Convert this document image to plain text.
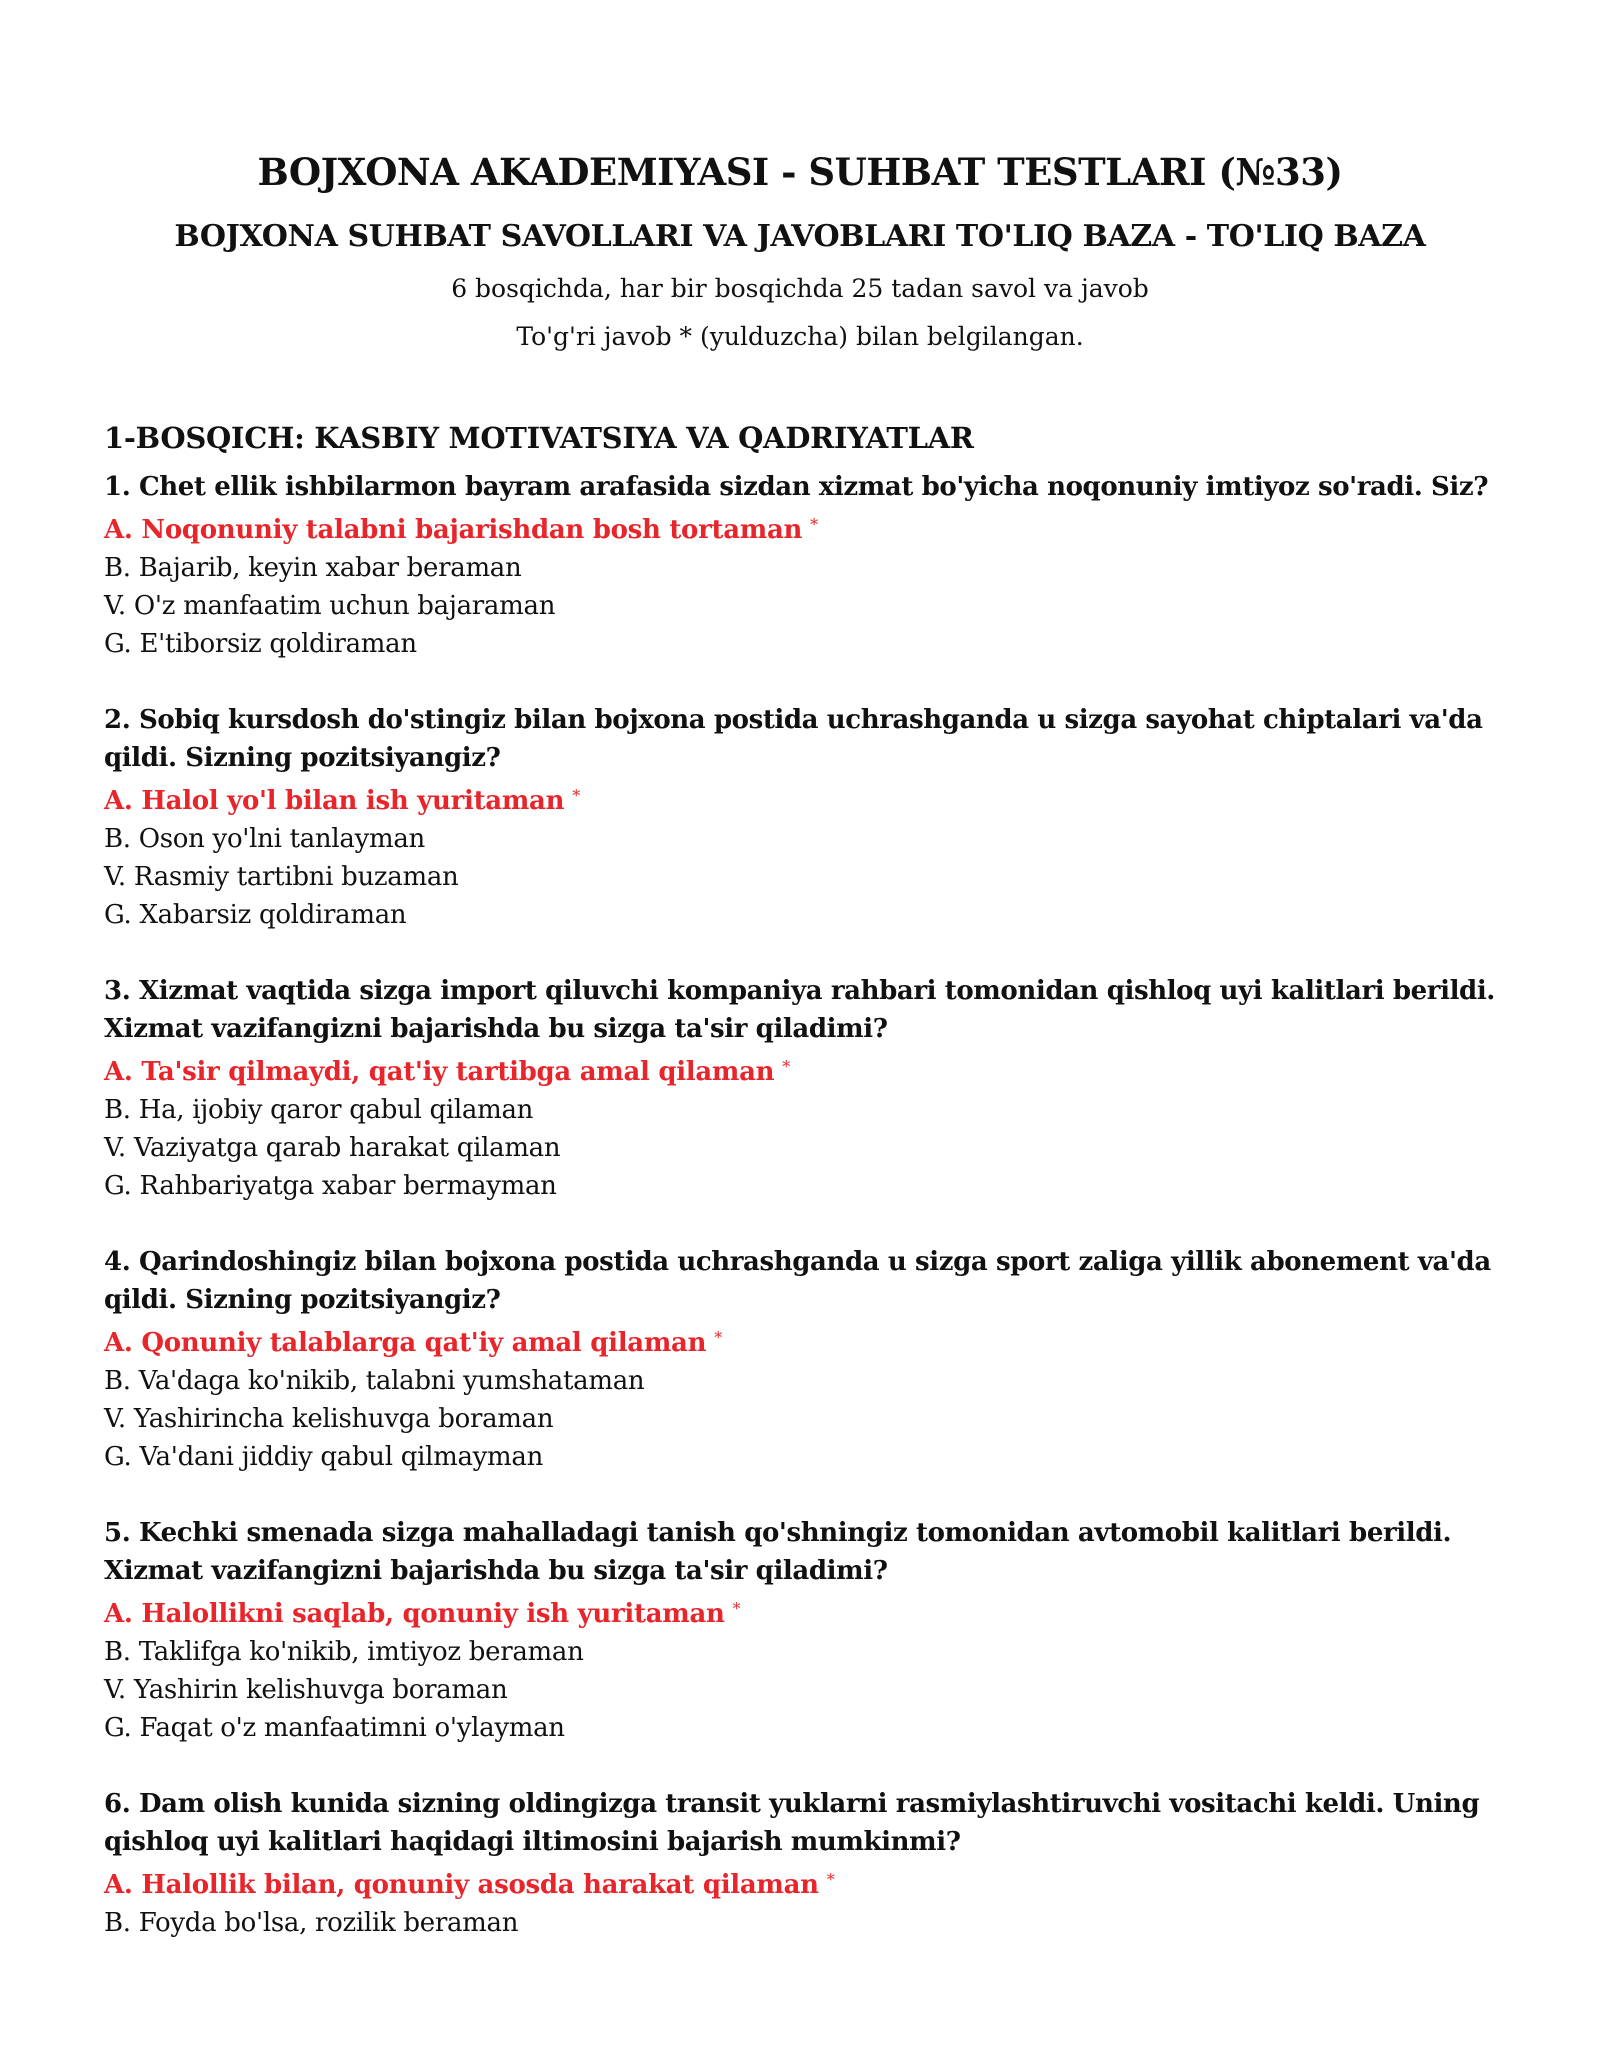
BOJXONA AKADEMIYASI - SUHBAT TESTLARI (№33)
BOJXONA SUHBAT SAVOLLARI VA JAVOBLARI TO'LIQ BAZA - TO'LIQ BAZA
6 bosqichda, har bir bosqichda 25 tadan savol va javob
To'g'ri javob * (yulduzcha) bilan belgilangan.
1-BOSQICH: KASBIY MOTIVATSIYA VA QADRIYATLAR
1. Chet ellik ishbilarmon bayram arafasida sizdan xizmat bo'yicha noqonuniy imtiyoz so'radi. Siz?
A. Noqonuniy talabni bajarishdan bosh tortaman *
B. Bajarib, keyin xabar beraman
V. O'z manfaatim uchun bajaraman
G. E'tiborsiz qoldiraman
2. Sobiq kursdosh do'stingiz bilan bojxona postida uchrashganda u sizga sayohat chiptalari va'da qildi. Sizning pozitsiyangiz?
A. Halol yo'l bilan ish yuritaman *
B. Oson yo'lni tanlayman
V. Rasmiy tartibni buzaman
G. Xabarsiz qoldiraman
3. Xizmat vaqtida sizga import qiluvchi kompaniya rahbari tomonidan qishloq uyi kalitlari berildi. Xizmat vazifangizni bajarishda bu sizga ta'sir qiladimi?
A. Ta'sir qilmaydi, qat'iy tartibga amal qilaman *
B. Ha, ijobiy qaror qabul qilaman
V. Vaziyatga qarab harakat qilaman
G. Rahbariyatga xabar bermayman
4. Qarindoshingiz bilan bojxona postida uchrashganda u sizga sport zaliga yillik abonement va'da qildi. Sizning pozitsiyangiz?
A. Qonuniy talablarga qat'iy amal qilaman *
B. Va'daga ko'nikib, talabni yumshataman
V. Yashirincha kelishuvga boraman
G. Va'dani jiddiy qabul qilmayman
5. Kechki smenada sizga mahalladagi tanish qo'shningiz tomonidan avtomobil kalitlari berildi. Xizmat vazifangizni bajarishda bu sizga ta'sir qiladimi?
A. Halollikni saqlab, qonuniy ish yuritaman *
B. Taklifga ko'nikib, imtiyoz beraman
V. Yashirin kelishuvga boraman
G. Faqat o'z manfaatimni o'ylayman
6. Dam olish kunida sizning oldingizga transit yuklarni rasmiylashtiruvchi vositachi keldi. Uning qishloq uyi kalitlari haqidagi iltimosini bajarish mumkinmi?
A. Halollik bilan, qonuniy asosda harakat qilaman *
B. Foyda bo'lsa, rozilik beraman
